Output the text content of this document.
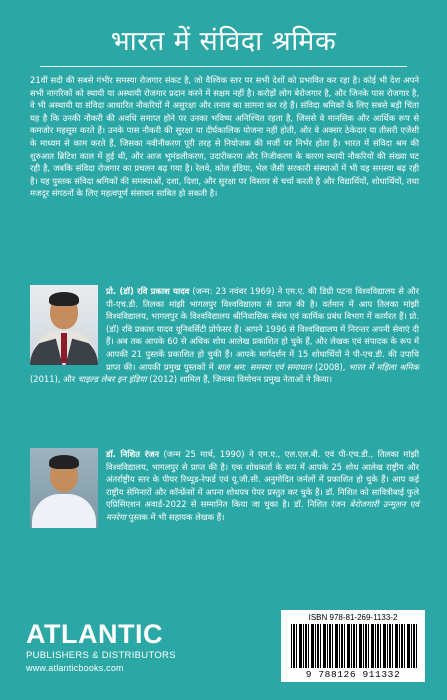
भारत में संविदा श्रमिक
21वीं सदी की सबसे गंभीर समस्या रोजगार संकट है, जो वैश्विक स्तर पर सभी देशों को प्रभावित कर रहा है। कोई भी देश अपने सभी नागरिकों को स्थायी या अस्थायी रोजगार प्रदान करने में सक्षम नहीं है। करोड़ों लोग बेरोजगार है, और जिनके पास रोजगार है, वे भी अस्थायी या संविदा आधारित नौकरियों में असुरक्षा और तनाव का सामना कर रहे हैं। संविदा श्रमिकों के लिए सबसे बड़ी चिंता यह है कि उनकी नौकरी की अवधि समाप्त होने पर उनका भविष्य अनिश्चित रहता है, जिससे वे मानसिक और आर्थिक रूप से कमजोर महसूस करते हैं। उनके पास नौकरी की सुरक्षा या दीर्घकालिक योजना नहीं होती, और वे अक्सर ठेकेदार या तीसरी एजेंसी के माध्यम से काम करते हैं, जिसका नवीनीकरण पूरी तरह से नियोजक की मर्जी पर निर्भर होता है। भारत में संविदा श्रम की शुरुआत ब्रिटिश काल में हुई थी, और आज भूमंडलीकरण, उदारीकरण और निजीकरण के कारण स्थायी नौकरियों की संख्या घट रही है, जबकि संविदा रोजगार का प्रचलन बढ़ गया है। रेलवे, कोल इंडिया, भेल जैसी सरकारी संस्थाओं में भी यह समस्या बढ़ रही है। यह पुस्तक संविदा श्रमिकों की समस्याओं, दशा, दिशा, और सुरक्षा पर विस्तार से चर्चा करती है और विद्यार्थियों, शोधार्थियों, तथा मजदूर संगठनों के लिए महत्वपूर्ण संसाधन साबित हो सकती है।
प्रो. (डॉ) रवि प्रकाश यादव (जन्म: 23 नवंबर 1969) ने एम.ए. की डिग्री पटना विश्वविद्यालय से और पी-एच.डी. तिलका मांझी भागलपुर विश्वविद्यालय से प्राप्त की है। वर्तमान में आप तिलका मांझी विश्वविद्यालय, भागलपुर के विश्वविद्यालय श्रीनिवासिक संबंध एवं कार्मिक प्रबंध विभाग में कार्यरत हैं। प्रो. (डॉ) रवि प्रकाश यादव यूनिवर्सिटी प्रोफेसर हैं। आपने 1996 से विश्वविद्यालय में निरन्तर अपनी सेवाएं दी हैं। अब तक आपके 60 से अधिक शोध आलेख प्रकाशित हो चुके हैं, और लेखक एवं संपादक के रूप में आपकी 21 पुस्तकें प्रकाशित हो चुकी हैं। आपके मार्गदर्शन में 15 शोधार्थियों ने पी-एच.डी. की उपाधि प्राप्त की। आपकी प्रमुख पुस्तकों में बाल श्रम: समस्या एवं समाधान (2008), भारत में महिला श्रमिक (2011), और चाइल्ड लेबर इन इंडिया (2012) शामिल हैं, जिनका विमोचन प्रमुख नेताओं ने किया।
डॉ. निशित रंजन (जन्म 25 मार्च, 1990) ने एम.ए., एल.एल.बी. एवं पी-एच.डी., तिलका मांझी विश्वविद्यालय, भागलपुर से प्राप्त की है। एक शोधकर्ता के रूप में आपके 25 शोध आलेख राष्ट्रीय और अंतर्राष्ट्रीय स्तर के पीयर रिव्यूड-रेफर्ड एवं यू.जी.सी. अनुमोदित जर्नलों में प्रकाशित हो चुके हैं। आप कई राष्ट्रीय सेमिनारों और कॉन्फ्रेंसों में अपना शोधपत्र पेपर प्रस्तुत कर चुके हैं। डॉ. निशित को सावित्रीबाई फुले एप्रिसिएशन अवार्ड-2022 से सम्मानित किया जा चुका है। डॉ. निशित रंजन बेरोजगारी उन्मूलन एवं मनरेगा पुस्तक में भी सहायक लेखक हैं।
ATLANTIC
PUBLISHERS & DISTRIBUTORS
www.atlanticbooks.com
ISBN 978-81-269-1133-2
9 788126 911332
